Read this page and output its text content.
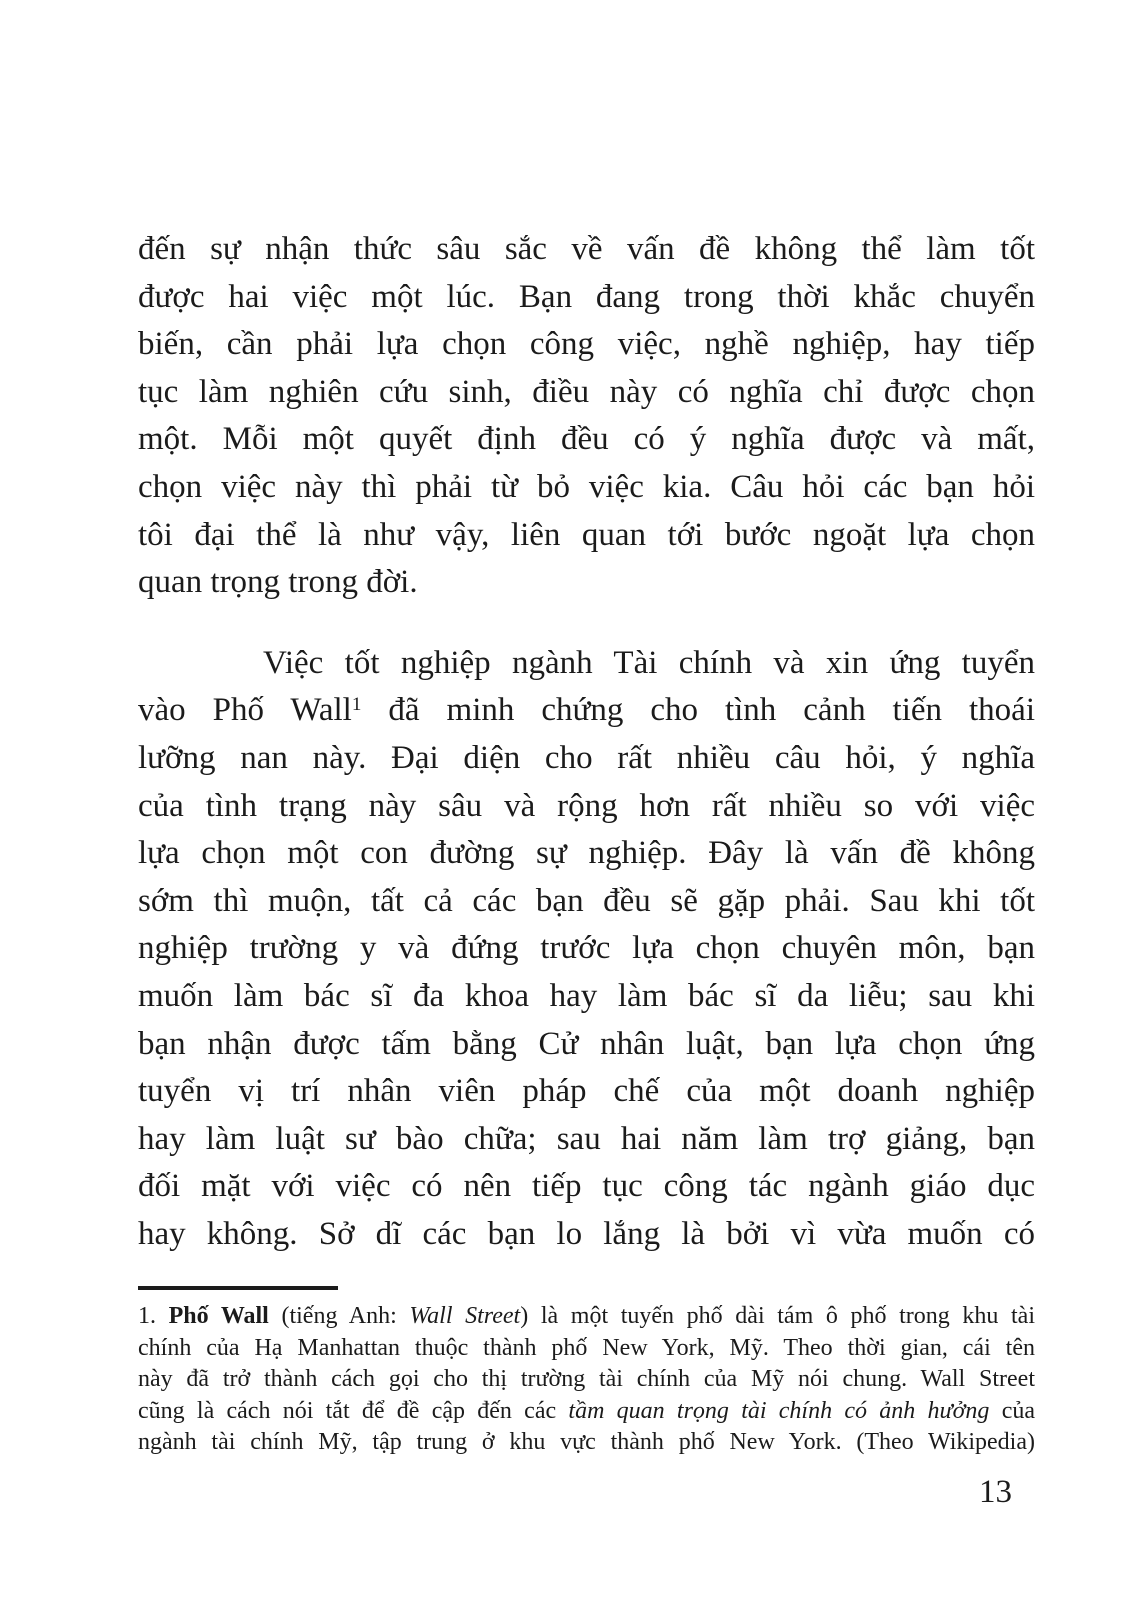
đến sự nhận thức sâu sắc về vấn đề không thể làm tốt
được hai việc một lúc. Bạn đang trong thời khắc chuyển
biến, cần phải lựa chọn công việc, nghề nghiệp, hay tiếp
tục làm nghiên cứu sinh, điều này có nghĩa chỉ được chọn
một. Mỗi một quyết định đều có ý nghĩa được và mất,
chọn việc này thì phải từ bỏ việc kia. Câu hỏi các bạn hỏi
tôi đại thể là như vậy, liên quan tới bước ngoặt lựa chọn
quan trọng trong đời.
Việc tốt nghiệp ngành Tài chính và xin ứng tuyển
vào Phố Wall$^1$ đã minh chứng cho tình cảnh tiến thoái
lưỡng nan này. Đại diện cho rất nhiều câu hỏi, ý nghĩa
của tình trạng này sâu và rộng hơn rất nhiều so với việc
lựa chọn một con đường sự nghiệp. Đây là vấn đề không
sớm thì muộn, tất cả các bạn đều sẽ gặp phải. Sau khi tốt
nghiệp trường y và đứng trước lựa chọn chuyên môn, bạn
muốn làm bác sĩ đa khoa hay làm bác sĩ da liễu; sau khi
bạn nhận được tấm bằng Cử nhân luật, bạn lựa chọn ứng
tuyển vị trí nhân viên pháp chế của một doanh nghiệp
hay làm luật sư bào chữa; sau hai năm làm trợ giảng, bạn
đối mặt với việc có nên tiếp tục công tác ngành giáo dục
hay không. Sở dĩ các bạn lo lắng là bởi vì vừa muốn có
1. Phố Wall (tiếng Anh: Wall Street) là một tuyến phố dài tám ô phố trong khu tài
chính của Hạ Manhattan thuộc thành phố New York, Mỹ. Theo thời gian, cái tên
này đã trở thành cách gọi cho thị trường tài chính của Mỹ nói chung. Wall Street
cũng là cách nói tắt để đề cập đến các tầm quan trọng tài chính có ảnh hưởng của
ngành tài chính Mỹ, tập trung ở khu vực thành phố New York. (Theo Wikipedia)
13
